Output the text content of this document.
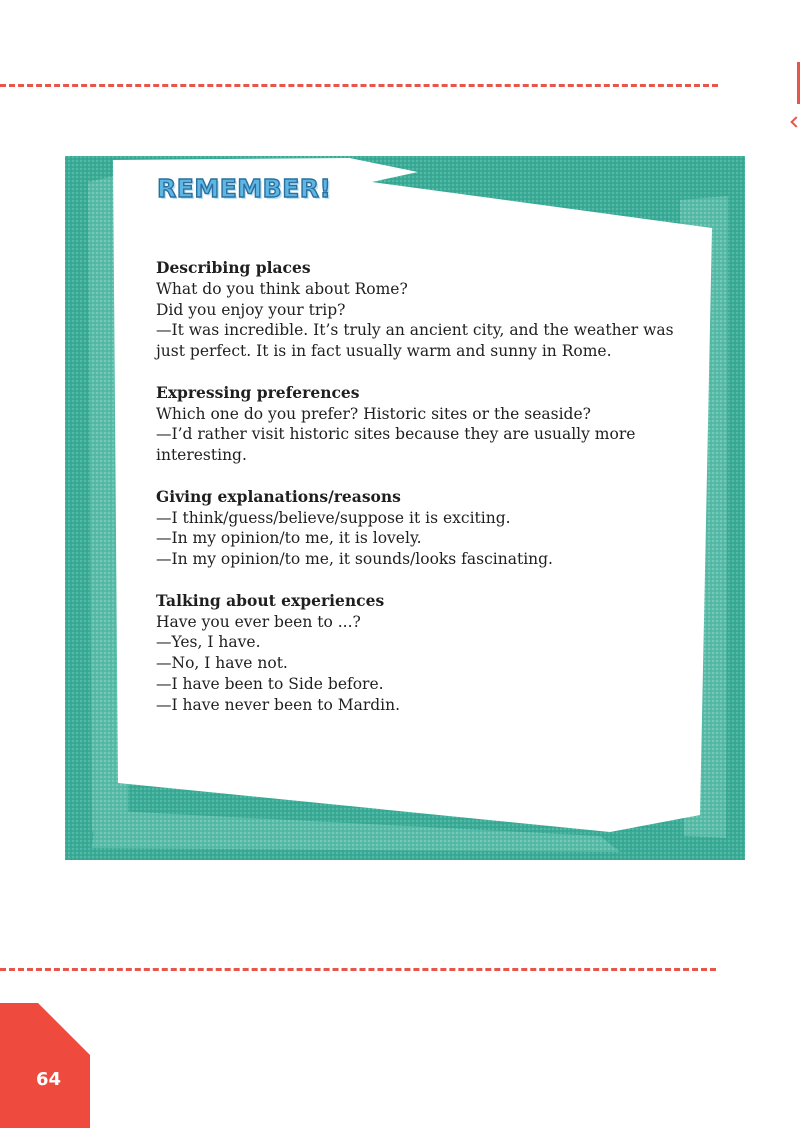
REMEMBER!
Describing places
What do you think about Rome?
Did you enjoy your trip?
—It was incredible. It’s truly an ancient city, and the weather was
just perfect. It is in fact usually warm and sunny in Rome.
Expressing preferences
Which one do you prefer? Historic sites or the seaside?
—I’d rather visit historic sites because they are usually more
interesting.
Giving explanations/reasons
—I think/guess/believe/suppose it is exciting.
—In my opinion/to me, it is lovely.
—In my opinion/to me, it sounds/looks fascinating.
Talking about experiences
Have you ever been to ...?
—Yes, I have.
—No, I have not.
—I have been to Side before.
—I have never been to Mardin.
64
